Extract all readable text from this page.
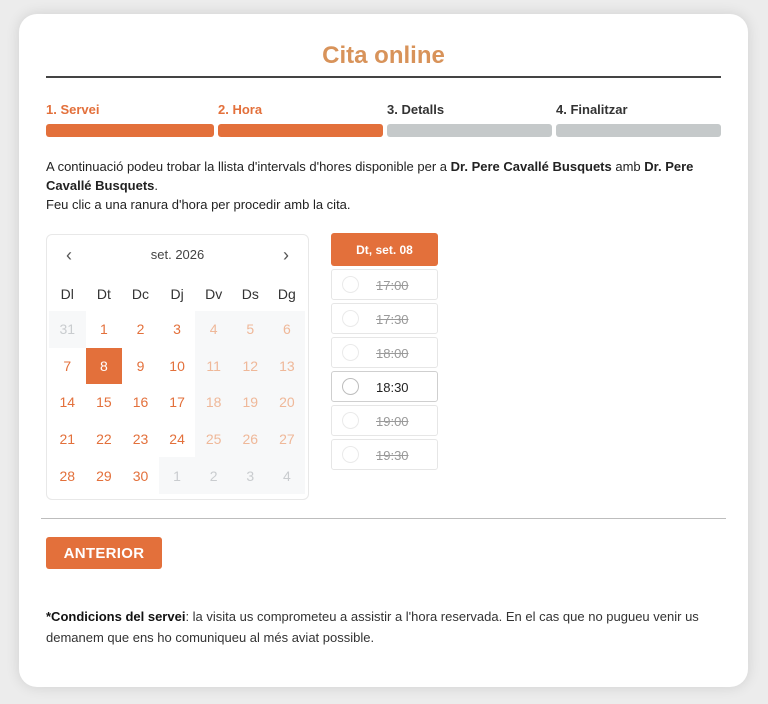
Cita online
1. Servei	2. Hora	3. Detalls	4. Finalitzar
A continuació podeu trobar la llista d'intervals d'hores disponible per a Dr. Pere Cavallé Busquets amb Dr. Pere Cavallé Busquets.
Feu clic a una ranura d'hora per procedir amb la cita.
‹	set. 2026	›
Dl	Dt	Dc	Dj	Dv	Ds	Dg
31	1	2	3	4	5	6
7	8	9	10	11	12	13
14	15	16	17	18	19	20
21	22	23	24	25	26	27
28	29	30	1	2	3	4
Dt, set. 08
17:00
17:30
18:00
18:30
19:00
19:30
ANTERIOR
*Condicions del servei: la visita us comprometeu a assistir a l'hora reservada. En el cas que no pugueu venir us demanem que ens ho comuniqueu al més aviat possible.
